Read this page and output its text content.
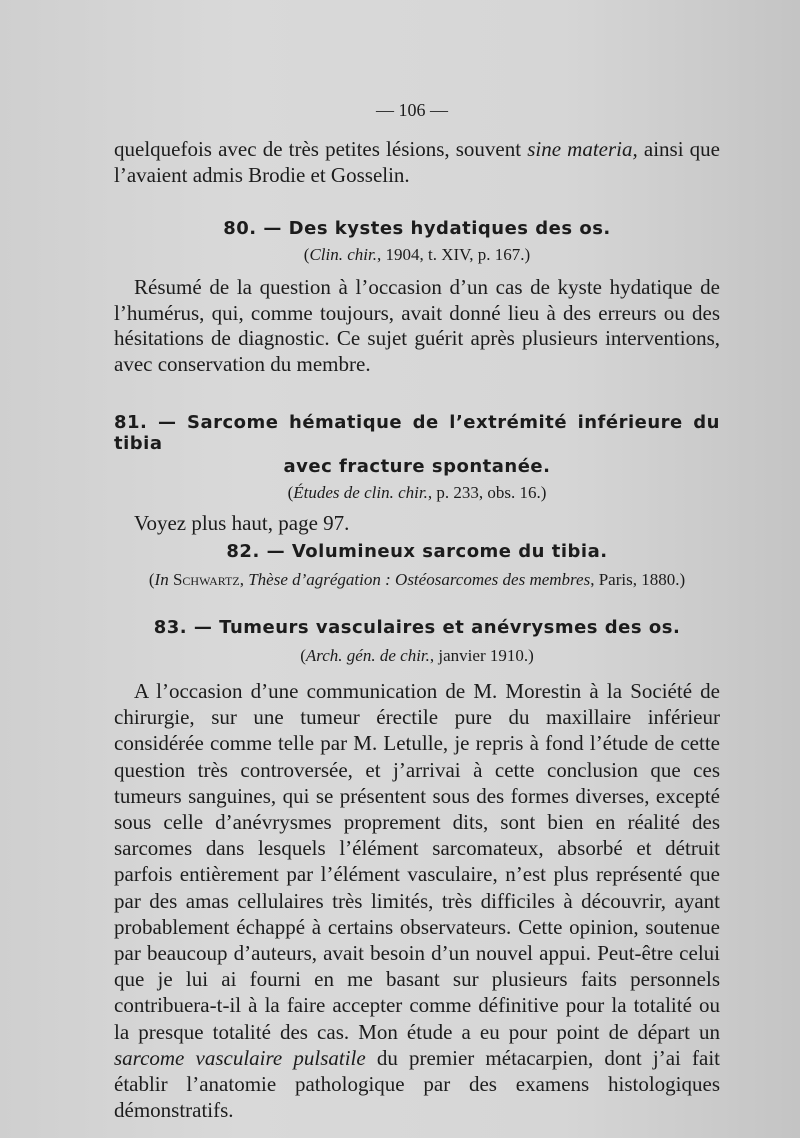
— 106 —

quelquefois avec de très petites lésions, souvent sine materia, ainsi que l’avaient admis Brodie et Gosselin.

80. — Des kystes hydatiques des os.
(Clin. chir., 1904, t. XIV, p. 167.)

Résumé de la question à l’occasion d’un cas de kyste hydatique de l’humérus, qui, comme toujours, avait donné lieu à des erreurs ou des hésitations de diagnostic. Ce sujet guérit après plusieurs interventions, avec conservation du membre.

81. — Sarcome hématique de l’extrémité inférieure du tibia
avec fracture spontanée.
(Études de clin. chir., p. 233, obs. 16.)

Voyez plus haut, page 97.

82. — Volumineux sarcome du tibia.
(In Schwartz, Thèse d’agrégation : Ostéosarcomes des membres, Paris, 1880.)
83. — Tumeurs vasculaires et anévrysmes des os.
(Arch. gén. de chir., janvier 1910.)

A l’occasion d’une communication de M. Morestin à la Société de chirurgie, sur une tumeur érectile pure du maxillaire inférieur considérée comme telle par M. Letulle, je repris à fond l’étude de cette question très controversée, et j’arrivai à cette conclusion que ces tumeurs sanguines, qui se présentent sous des formes diverses, excepté sous celle d’anévrysmes proprement dits, sont bien en réalité des sarcomes dans lesquels l’élément sarcomateux, absorbé et détruit parfois entièrement par l’élément vasculaire, n’est plus représenté que par des amas cellulaires très limités, très difficiles à découvrir, ayant probablement échappé à certains observateurs. Cette opinion, soutenue par beaucoup d’auteurs, avait besoin d’un nouvel appui. Peut-être celui que je lui ai fourni en me basant sur plusieurs faits personnels contribuera-t-il à la faire accepter comme définitive pour la totalité ou la presque totalité des cas. Mon étude a eu pour point de départ un sarcome vasculaire pulsatile du premier métacarpien, dont j’ai fait établir l’anatomie pathologique par des examens histologiques démonstratifs.
